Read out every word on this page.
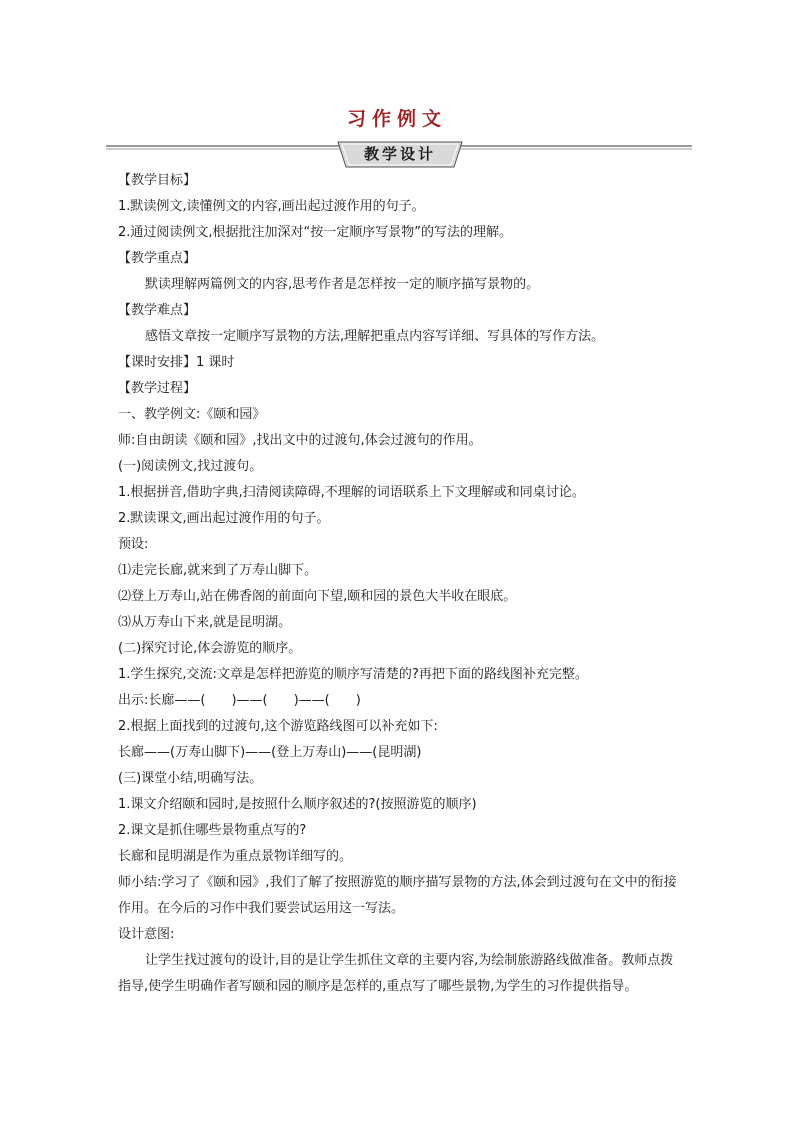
习作例文
教学设计
【教学目标】
1.默读例文,读懂例文的内容,画出起过渡作用的句子。
2.通过阅读例文,根据批注加深对“按一定顺序写景物”的写法的理解。
【教学重点】
默读理解两篇例文的内容,思考作者是怎样按一定的顺序描写景物的。
【教学难点】
感悟文章按一定顺序写景物的方法,理解把重点内容写详细、写具体的写作方法。
【课时安排】1 课时
【教学过程】
一、教学例文:《颐和园》
师:自由朗读《颐和园》,找出文中的过渡句,体会过渡句的作用。
(一)阅读例文,找过渡句。
1.根据拼音,借助字典,扫清阅读障碍,不理解的词语联系上下文理解或和同桌讨论。
2.默读课文,画出起过渡作用的句子。
预设:
⑴走完长廊,就来到了万寿山脚下。
⑵登上万寿山,站在佛香阁的前面向下望,颐和园的景色大半收在眼底。
⑶从万寿山下来,就是昆明湖。
(二)探究讨论,体会游览的顺序。
1.学生探究,交流:文章是怎样把游览的顺序写清楚的?再把下面的路线图补充完整。
出示:长廊——(　　)——(　　)——(　　)
2.根据上面找到的过渡句,这个游览路线图可以补充如下:
长廊——(万寿山脚下)——(登上万寿山)——(昆明湖)
(三)课堂小结,明确写法。
1.课文介绍颐和园时,是按照什么顺序叙述的?(按照游览的顺序)
2.课文是抓住哪些景物重点写的?
长廊和昆明湖是作为重点景物详细写的。
师小结:学习了《颐和园》,我们了解了按照游览的顺序描写景物的方法,体会到过渡句在文中的衔接作用。在今后的习作中我们要尝试运用这一写法。
设计意图:
让学生找过渡句的设计,目的是让学生抓住文章的主要内容,为绘制旅游路线做准备。教师点拨指导,使学生明确作者写颐和园的顺序是怎样的,重点写了哪些景物,为学生的习作提供指导。
